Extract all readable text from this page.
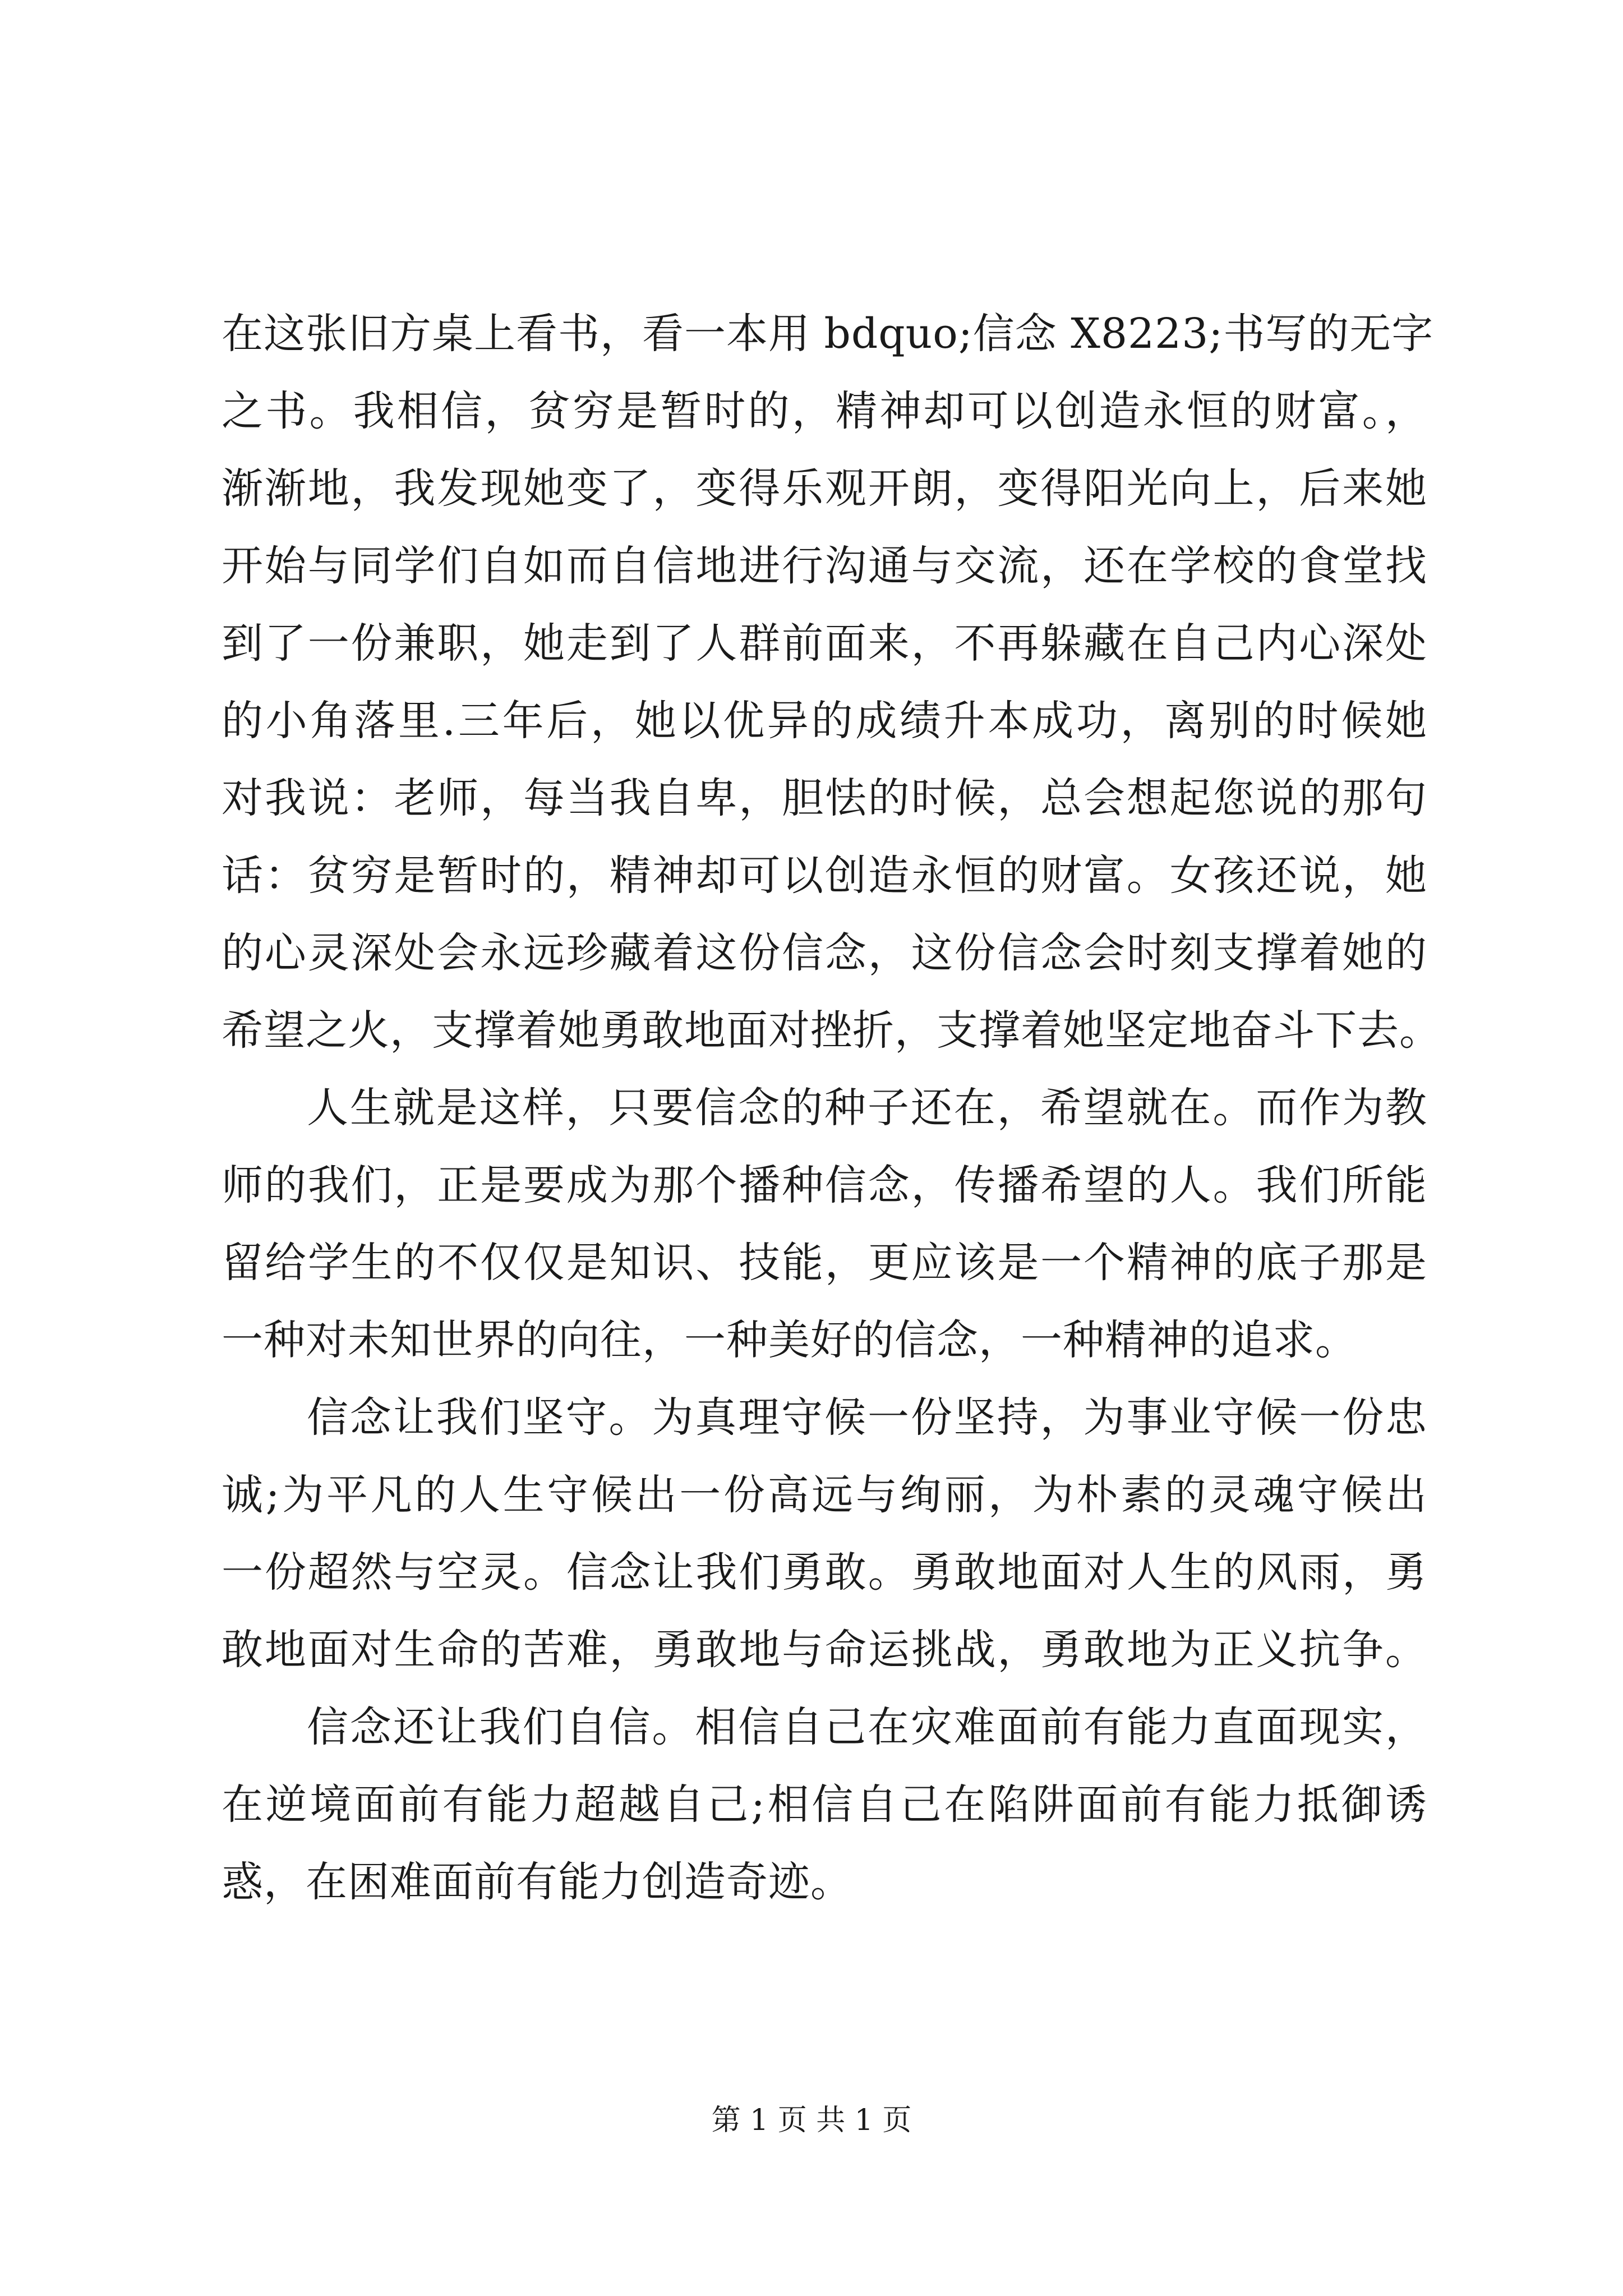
在这张旧方桌上看书，看一本用 bdquo;信念 X8223;书写的无字
之书。我相信，贫穷是暂时的，精神却可以创造永恒的财富。，
渐渐地，我发现她变了，变得乐观开朗，变得阳光向上，后来她
开始与同学们自如而自信地进行沟通与交流，还在学校的食堂找
到了一份兼职，她走到了人群前面来，不再躲藏在自己内心深处
的小角落里.三年后，她以优异的成绩升本成功，离别的时候她
对我说：老师，每当我自卑，胆怯的时候，总会想起您说的那句
话：贫穷是暂时的，精神却可以创造永恒的财富。女孩还说，她
的心灵深处会永远珍藏着这份信念，这份信念会时刻支撑着她的
希望之火，支撑着她勇敢地面对挫折，支撑着她坚定地奋斗下去。
人生就是这样，只要信念的种子还在，希望就在。而作为教
师的我们，正是要成为那个播种信念，传播希望的人。我们所能
留给学生的不仅仅是知识、技能，更应该是一个精神的底子那是
一种对未知世界的向往，一种美好的信念，一种精神的追求。
信念让我们坚守。为真理守候一份坚持，为事业守候一份忠
诚;为平凡的人生守候出一份高远与绚丽，为朴素的灵魂守候出
一份超然与空灵。信念让我们勇敢。勇敢地面对人生的风雨，勇
敢地面对生命的苦难，勇敢地与命运挑战，勇敢地为正义抗争。
信念还让我们自信。相信自己在灾难面前有能力直面现实，
在逆境面前有能力超越自己;相信自己在陷阱面前有能力抵御诱
惑，在困难面前有能力创造奇迹。
第 1 页 共 1 页
